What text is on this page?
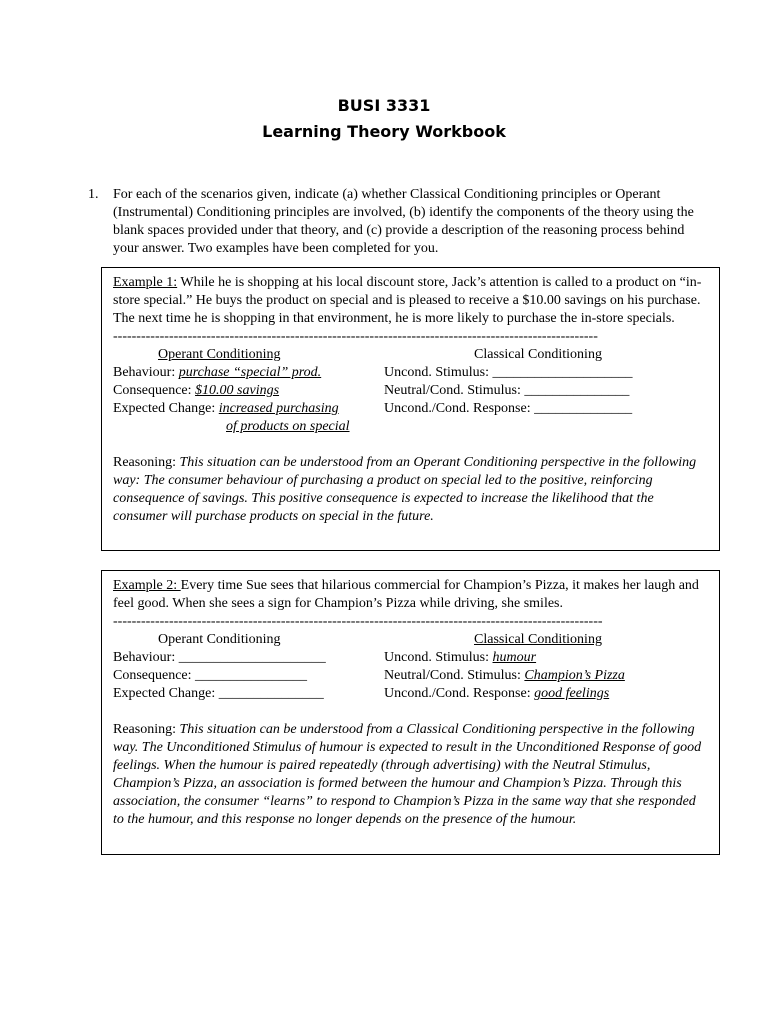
BUSI 3331
Learning Theory Workbook
1. For each of the scenarios given, indicate (a) whether Classical Conditioning principles or Operant (Instrumental) Conditioning principles are involved, (b) identify the components of the theory using the blank spaces provided under that theory, and (c) provide a description of the reasoning process behind your answer. Two examples have been completed for you.
Example 1: While he is shopping at his local discount store, Jack’s attention is called to a product on “in-store special.” He buys the product on special and is pleased to receive a $10.00 savings on his purchase. The next time he is shopping in that environment, he is more likely to purchase the in-store specials.
--------------------------------------------------------------------------------------------------------
Operant Conditioning
Behaviour: purchase “special” prod.
Consequence: $10.00 savings
Expected Change: increased purchasing
of products on special
Classical Conditioning
Uncond. Stimulus: ____________________
Neutral/Cond. Stimulus: _______________
Uncond./Cond. Response: ______________
Reasoning: This situation can be understood from an Operant Conditioning perspective in the following way: The consumer behaviour of purchasing a product on special led to the positive, reinforcing consequence of savings. This positive consequence is expected to increase the likelihood that the consumer will purchase products on special in the future.
Example 2: Every time Sue sees that hilarious commercial for Champion’s Pizza, it makes her laugh and feel good. When she sees a sign for Champion’s Pizza while driving, she smiles.
---------------------------------------------------------------------------------------------------------
Operant Conditioning
Behaviour: _____________________
Consequence: ________________
Expected Change: _______________
Classical Conditioning
Uncond. Stimulus: humour
Neutral/Cond. Stimulus: Champion’s Pizza
Uncond./Cond. Response: good feelings
Reasoning: This situation can be understood from a Classical Conditioning perspective in the following way. The Unconditioned Stimulus of humour is expected to result in the Unconditioned Response of good feelings. When the humour is paired repeatedly (through advertising) with the Neutral Stimulus, Champion’s Pizza, an association is formed between the humour and Champion’s Pizza. Through this association, the consumer “learns” to respond to Champion’s Pizza in the same way that she responded to the humour, and this response no longer depends on the presence of the humour.
